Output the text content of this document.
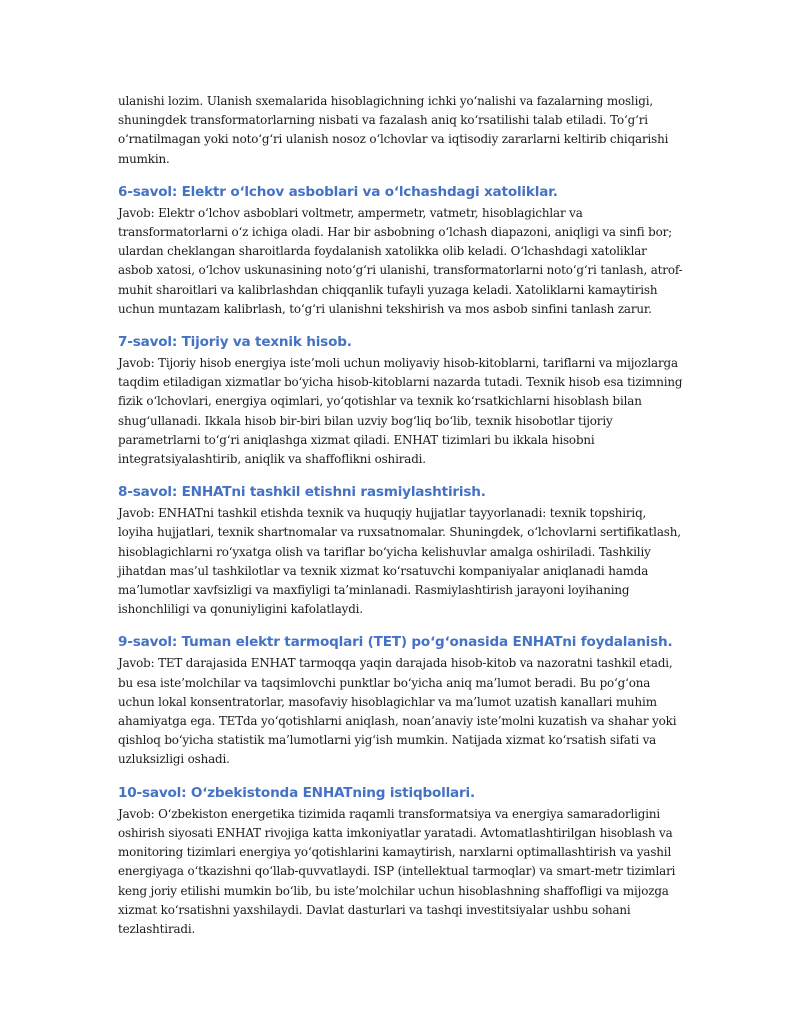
ulanishi lozim. Ulanish sxemalarida hisoblagichning ichki yo‘nalishi va fazalarning mosligi, shuningdek transformatorlarning nisbati va fazalash aniq ko‘rsatilishi talab etiladi. To‘g‘ri o‘rnatilmagan yoki noto‘g‘ri ulanish nosoz o‘lchovlar va iqtisodiy zararlarni keltirib chiqarishi mumkin.

6-savol: Elektr oʻlchov asboblari va oʻlchashdagi xatoliklar.

Javob: Elektr o‘lchov asboblari voltmetr, ampermetr, vatmetr, hisoblagichlar va transformatorlarni o‘z ichiga oladi. Har bir asbobning o‘lchash diapazoni, aniqligi va sinfi bor; ulardan cheklangan sharoitlarda foydalanish xatolikka olib keladi. O‘lchashdagi xatoliklar asbob xatosi, o‘lchov uskunasining noto‘g‘ri ulanishi, transformatorlarni noto‘g‘ri tanlash, atrof-muhit sharoitlari va kalibrlashdan chiqqanlik tufayli yuzaga keladi. Xatoliklarni kamaytirish uchun muntazam kalibrlash, to‘g‘ri ulanishni tekshirish va mos asbob sinfini tanlash zarur.

7-savol: Tijoriy va texnik hisob.

Javob: Tijoriy hisob energiya iste’moli uchun moliyaviy hisob-kitoblarni, tariflarni va mijozlarga taqdim etiladigan xizmatlar bo‘yicha hisob-kitoblarni nazarda tutadi. Texnik hisob esa tizimning fizik o‘lchovlari, energiya oqimlari, yo‘qotishlar va texnik ko‘rsatkichlarni hisoblash bilan shug‘ullanadi. Ikkala hisob bir-biri bilan uzviy bog‘liq bo‘lib, texnik hisobotlar tijoriy parametrlarni to‘g‘ri aniqlashga xizmat qiladi. ENHAT tizimlari bu ikkala hisobni integratsiyalashtirib, aniqlik va shaffoflikni oshiradi.

8-savol: ENHATni tashkil etishni rasmiylashtirish.

Javob: ENHATni tashkil etishda texnik va huquqiy hujjatlar tayyorlanadi: texnik topshiriq, loyiha hujjatlari, texnik shartnomalar va ruxsatnomalar. Shuningdek, o‘lchovlarni sertifikatlash, hisoblagichlarni ro‘yxatga olish va tariflar bo‘yicha kelishuvlar amalga oshiriladi. Tashkiliy jihatdan mas’ul tashkilotlar va texnik xizmat ko‘rsatuvchi kompaniyalar aniqlanadi hamda ma’lumotlar xavfsizligi va maxfiyligi ta’minlanadi. Rasmiylashtirish jarayoni loyihaning ishonchliligi va qonuniyligini kafolatlaydi.

9-savol: Tuman elektr tarmoqlari (TET) poʻgʻonasida ENHATni foydalanish.

Javob: TET darajasida ENHAT tarmoqqa yaqin darajada hisob-kitob va nazoratni tashkil etadi, bu esa iste’molchilar va taqsimlovchi punktlar bo‘yicha aniq ma’lumot beradi. Bu po‘g‘ona uchun lokal konsentratorlar, masofaviy hisoblagichlar va ma’lumot uzatish kanallari muhim ahamiyatga ega. TETda yo‘qotishlarni aniqlash, noan’anaviy iste’molni kuzatish va shahar yoki qishloq bo‘yicha statistik ma’lumotlarni yig‘ish mumkin. Natijada xizmat ko‘rsatish sifati va uzluksizligi oshadi.

10-savol: Oʻzbekistonda ENHATning istiqbollari.

Javob: O‘zbekiston energetika tizimida raqamli transformatsiya va energiya samaradorligini oshirish siyosati ENHAT rivojiga katta imkoniyatlar yaratadi. Avtomatlashtirilgan hisoblash va monitoring tizimlari energiya yo‘qotishlarini kamaytirish, narxlarni optimallashtirish va yashil energiyaga o‘tkazishni qo‘llab-quvvatlaydi. ISP (intellektual tarmoqlar) va smart-metr tizimlari keng joriy etilishi mumkin bo‘lib, bu iste’molchilar uchun hisoblashning shaffofligi va mijozga xizmat ko‘rsatishni yaxshilaydi. Davlat dasturlari va tashqi investitsiyalar ushbu sohani tezlashtiradi.
